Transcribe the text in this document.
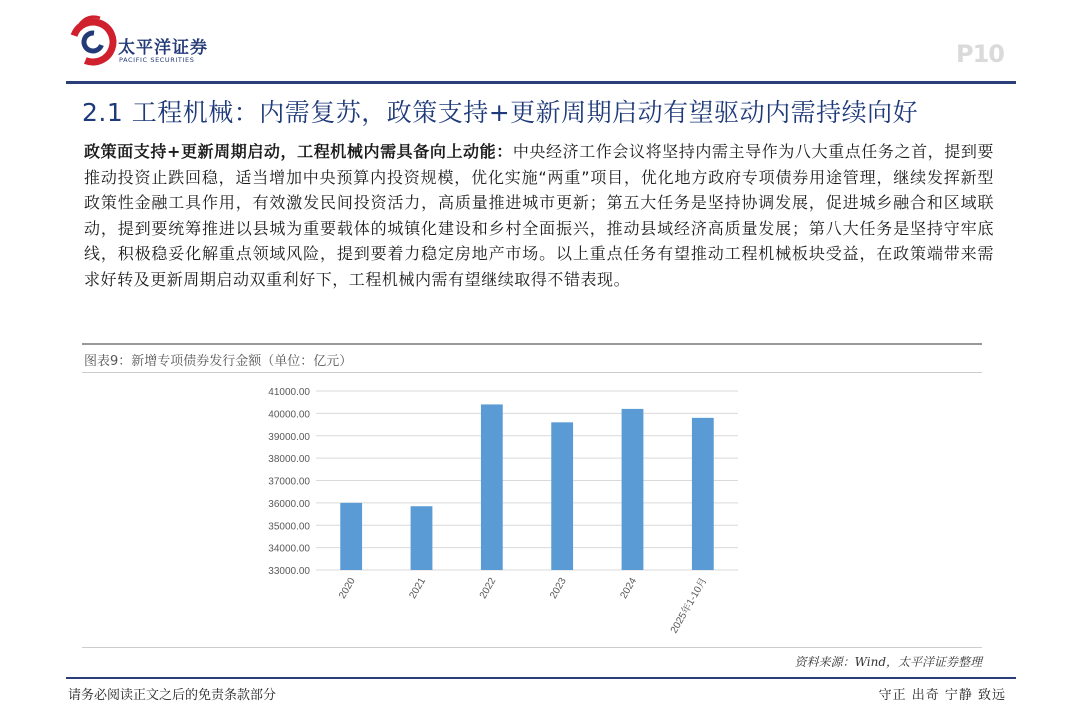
太平洋证券
PACIFIC SECURITIES	P10
2.1 工程机械：内需复苏，政策支持+更新周期启动有望驱动内需持续向好
政策面支持+更新周期启动，工程机械内需具备向上动能：中央经济工作会议将坚持内需主导作为八大重点任务之首，提到要推动投资止跌回稳，适当增加中央预算内投资规模，优化实施“两重”项目，优化地方政府专项债券用途管理，继续发挥新型政策性金融工具作用，有效激发民间投资活力，高质量推进城市更新；第五大任务是坚持协调发展，促进城乡融合和区域联动，提到要统筹推进以县城为重要载体的城镇化建设和乡村全面振兴，推动县域经济高质量发展；第八大任务是坚持守牢底线，积极稳妥化解重点领域风险，提到要着力稳定房地产市场。以上重点任务有望推动工程机械板块受益，在政策端带来需求好转及更新周期启动双重利好下，工程机械内需有望继续取得不错表现。
图表9：新增专项债券发行金额（单位：亿元）
41000.00
40000.00
39000.00
38000.00
37000.00
36000.00
35000.00
34000.00
33000.00
2020	2021	2022	2023	2024	2025年1-10月
资料来源：Wind，太平洋证券整理
请务必阅读正文之后的免责条款部分	守正 出奇 宁静 致远
